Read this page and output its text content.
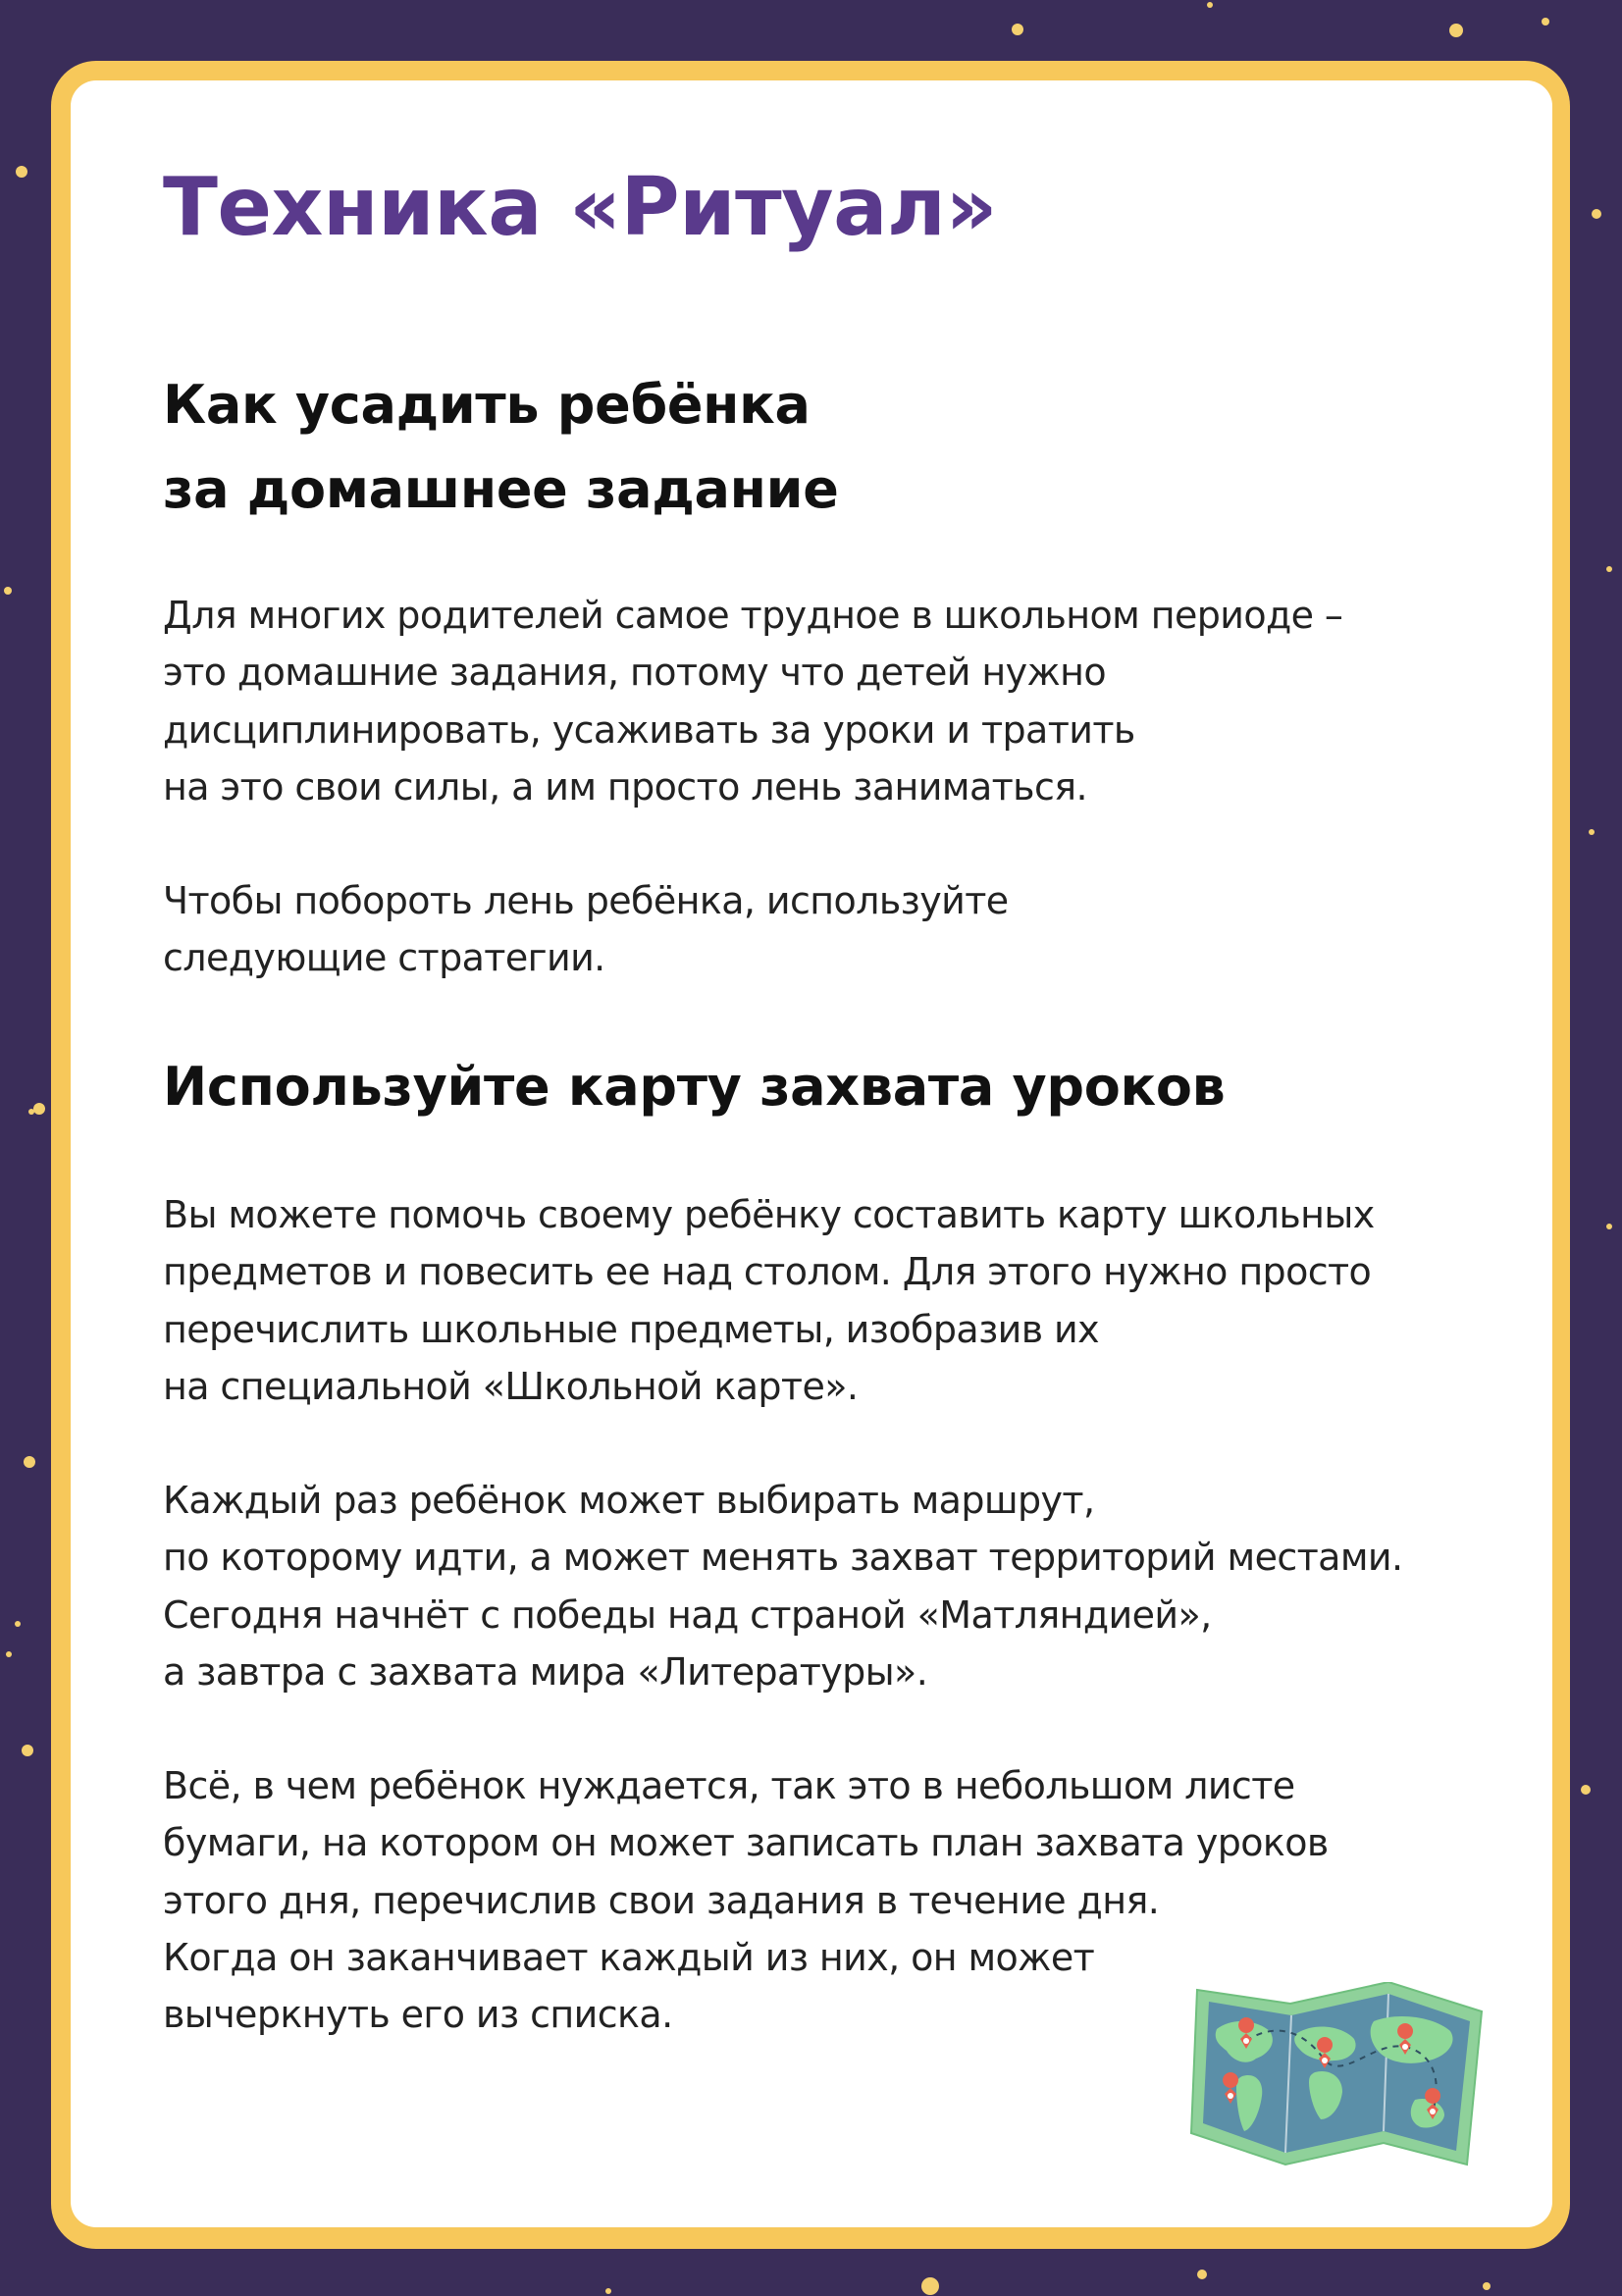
Техника «Ритуал»
Как усадить ребёнка
за домашнее задание

Для многих родителей самое трудное в школьном периоде –
это домашние задания, потому что детей нужно
дисциплинировать, усаживать за уроки и тратить
на это свои силы, а им просто лень заниматься.

Чтобы побороть лень ребёнка, используйте
следующие стратегии.

Используйте карту захвата уроков

Вы можете помочь своему ребёнку составить карту школьных
предметов и повесить ее над столом. Для этого нужно просто
перечислить школьные предметы, изобразив их
на специальной «Школьной карте».

Каждый раз ребёнок может выбирать маршрут,
по которому идти, а может менять захват территорий местами.
Сегодня начнёт с победы над страной «Матляндией»,
а завтра с захвата мира «Литературы».

Всё, в чем ребёнок нуждается, так это в небольшом листе
бумаги, на котором он может записать план захвата уроков
этого дня, перечислив свои задания в течение дня.
Когда он заканчивает каждый из них, он может
вычеркнуть его из списка.
